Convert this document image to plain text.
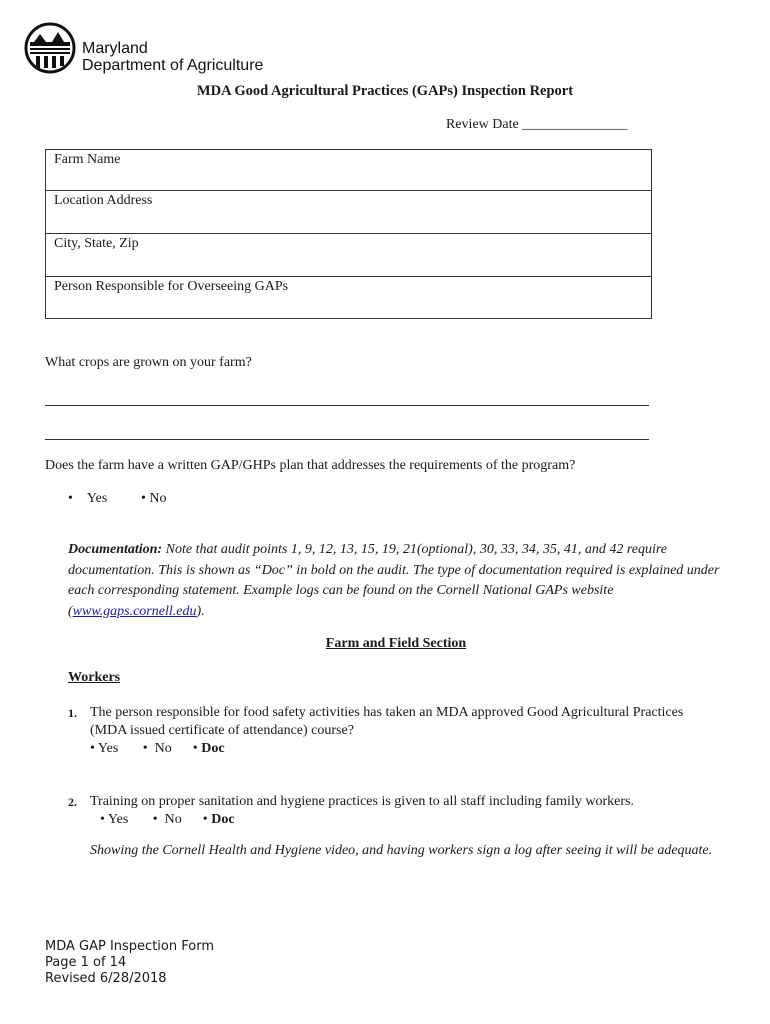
Maryland
Department of Agriculture
MDA Good Agricultural Practices (GAPs) Inspection Report
Review Date _______________
Farm Name
Location Address
City, State, Zip
Person Responsible for Overseeing GAPs
What crops are grown on your farm?
Does the farm have a written GAP/GHPs plan that addresses the requirements of the program?
• Yes • No
Documentation: Note that audit points 1, 9, 12, 13, 15, 19, 21(optional), 30, 33, 34, 35, 41, and 42 require documentation. This is shown as “Doc” in bold on the audit. The type of documentation required is explained under each corresponding statement. Example logs can be found on the Cornell National GAPs website (www.gaps.cornell.edu).
Farm and Field Section
Workers
1. The person responsible for food safety activities has taken an MDA approved Good Agricultural Practices (MDA issued certificate of attendance) course?
• Yes • No • Doc
2. Training on proper sanitation and hygiene practices is given to all staff including family workers.
• Yes • No • Doc
Showing the Cornell Health and Hygiene video, and having workers sign a log after seeing it will be adequate.
MDA GAP Inspection Form
Page 1 of 14
Revised 6/28/2018
